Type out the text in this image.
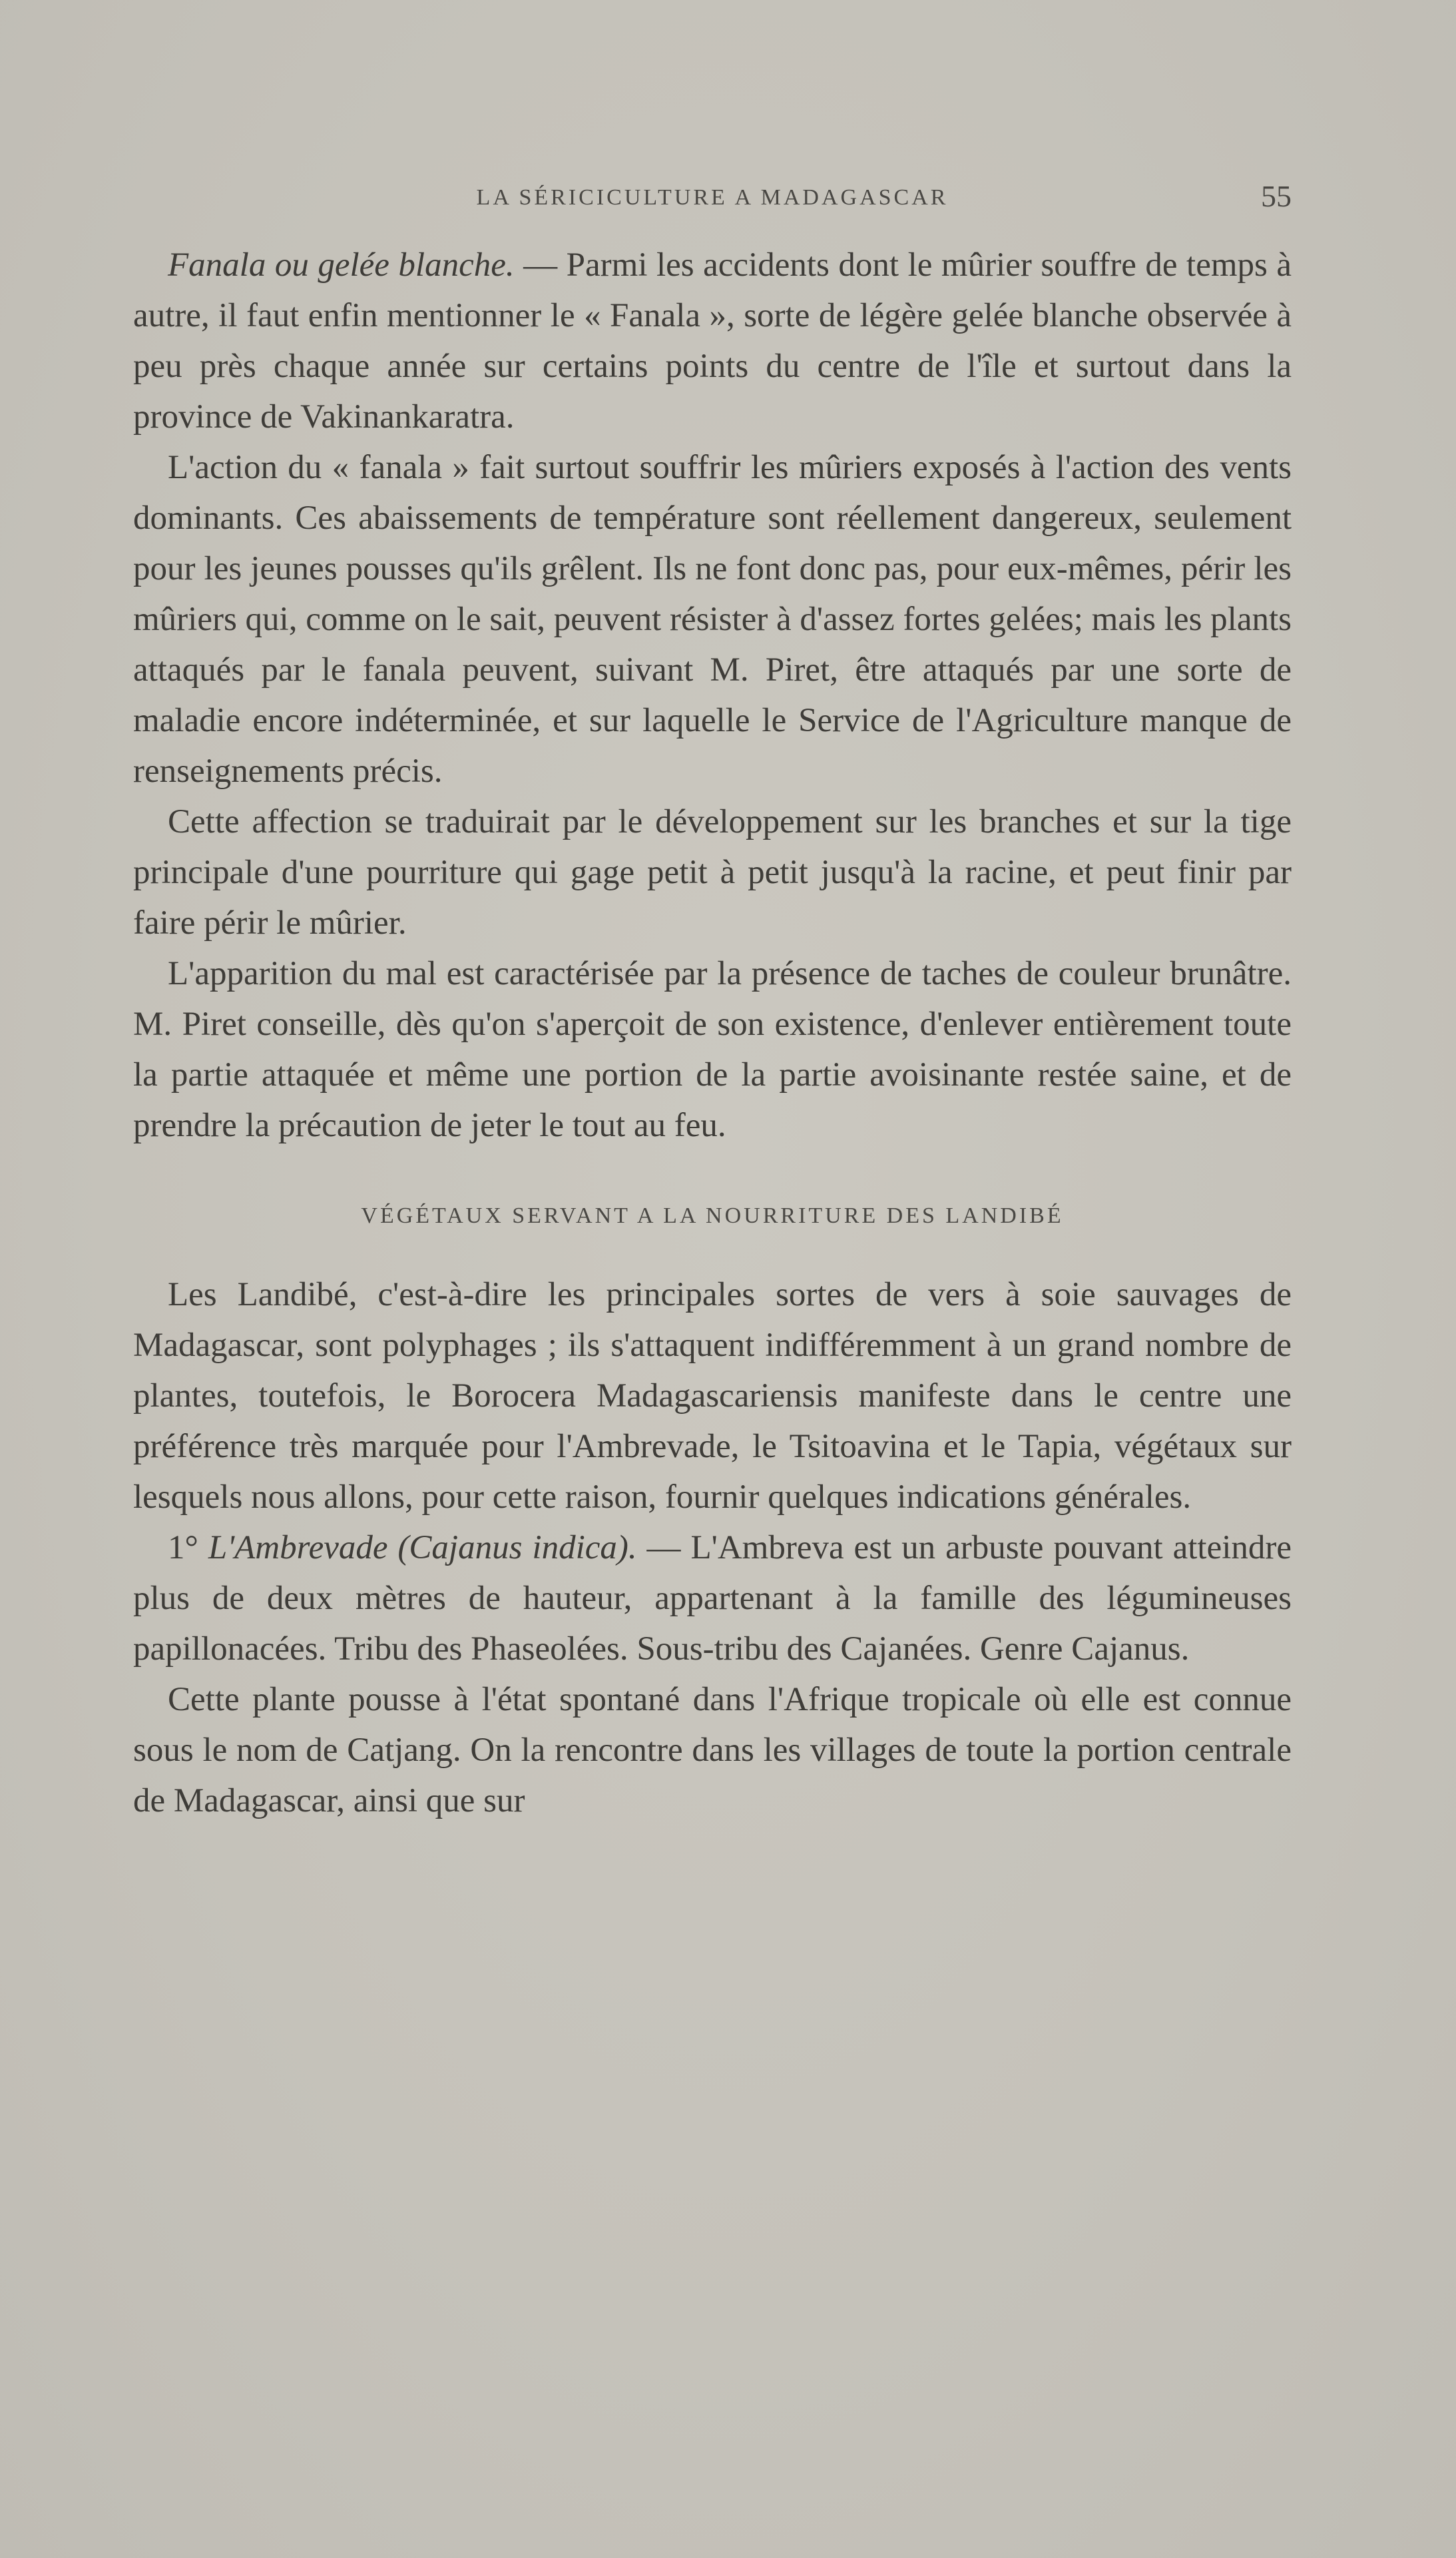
LA SÉRICICULTURE A MADAGASCAR	55

Fanala ou gelée blanche. — Parmi les accidents dont le mûrier souffre de temps à autre, il faut enfin mentionner le « Fanala », sorte de légère gelée blanche observée à peu près chaque année sur certains points du centre de l'île et surtout dans la province de Vakinankaratra.

L'action du « fanala » fait surtout souffrir les mûriers exposés à l'action des vents dominants. Ces abaissements de température sont réellement dangereux, seulement pour les jeunes pousses qu'ils grêlent. Ils ne font donc pas, pour eux-mêmes, périr les mûriers qui, comme on le sait, peuvent résister à d'assez fortes gelées; mais les plants attaqués par le fanala peuvent, suivant M. Piret, être attaqués par une sorte de maladie encore indéterminée, et sur laquelle le Service de l'Agriculture manque de renseignements précis.

Cette affection se traduirait par le développement sur les branches et sur la tige principale d'une pourriture qui gage petit à petit jusqu'à la racine, et peut finir par faire périr le mûrier.

L'apparition du mal est caractérisée par la présence de taches de couleur brunâtre. M. Piret conseille, dès qu'on s'aperçoit de son existence, d'enlever entièrement toute la partie attaquée et même une portion de la partie avoisinante restée saine, et de prendre la précaution de jeter le tout au feu.

VÉGÉTAUX SERVANT A LA NOURRITURE DES LANDIBÉ

Les Landibé, c'est-à-dire les principales sortes de vers à soie sauvages de Madagascar, sont polyphages ; ils s'attaquent indifféremment à un grand nombre de plantes, toutefois, le Borocera Madagascariensis manifeste dans le centre une préférence très marquée pour l'Ambrevade, le Tsitoavina et le Tapia, végétaux sur lesquels nous allons, pour cette raison, fournir quelques indications générales.

1° L'Ambrevade (Cajanus indica). — L'Ambreva est un arbuste pouvant atteindre plus de deux mètres de hauteur, appartenant à la famille des légumineuses papillonacées. Tribu des Phaseolées. Sous-tribu des Cajanées. Genre Cajanus.

Cette plante pousse à l'état spontané dans l'Afrique tropicale où elle est connue sous le nom de Catjang. On la rencontre dans les villages de toute la portion centrale de Madagascar, ainsi que sur
